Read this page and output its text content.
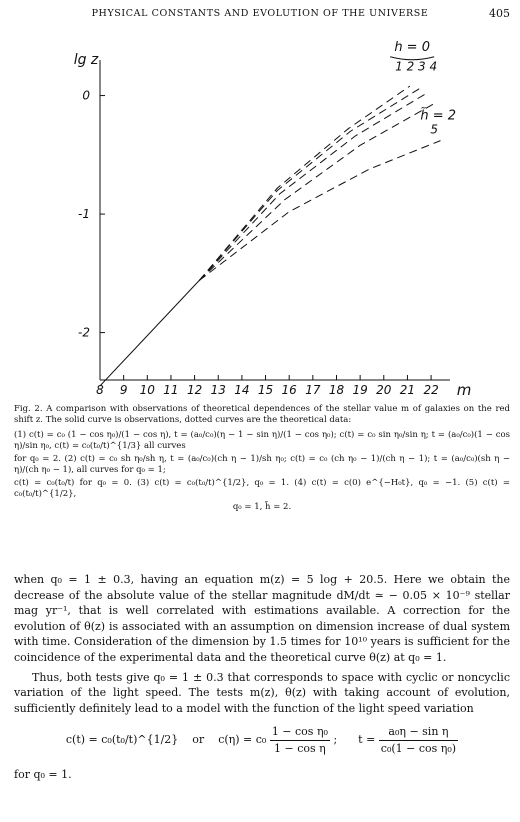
PHYSICAL CONSTANTS AND EVOLUTION OF THE UNIVERSE	405
8 9 10 11 12 13 14 15 16 17 18 19 20 21 22
0
-1
-2
lg z
m
h̃ = 0
1 2 3 4
h̃ = 2
5

Fig. 2. A comparison with observations of theoretical dependences of the stellar value m of galaxies on the red shift z. The solid curve is observations, dotted curves are the theoretical data:

(1) c(t) = c₀ (1 − cos η₀)/(1 − cos η), t = (a₀/c₀)(η − 1 − sin η)/(1 − cos η₀); c(t) = c₀ sin η₀/sin η; t = (a₀/c₀)(1 − cos η)/sin η₀, c(t) = c₀(t₀/t)^{1/3} all curves

for q₀ = 2. (2) c(t) = c₀ sh η₀/sh η, t = (a₀/c₀)(ch η − 1)/sh η₀; c(t) = c₀ (ch η₀ − 1)/(ch η − 1); t = (a₀/c₀)(sh η − η)/(ch η₀ − 1), all curves for q₀ = 1;

c(t) = c₀(t₀/t) for q₀ = 0. (3) c(t) = c₀(t₀/t)^{1/2}, q₀ = 1. (4) c(t) = c(0) e^{−H₀t}, q₀ = −1. (5) c(t) = c₀(t₀/t)^{1/2},

q₀ = 1, h̃ = 2.

when q₀ = 1 ± 0.3, having an equation m(z) = 5 log + 20.5. Here we obtain the decrease of the absolute value of the stellar magnitude dM/dt ≃ − 0.05 × 10⁻⁹ stellar mag yr⁻¹, that is well correlated with estimations available. A correction for the evolution of θ(z) is associated with an assumption on dimension increase of dual system with time. Consideration of the dimension by 1.5 times for 10¹⁰ years is sufficient for the coincidence of the experimental data and the theoretical curve θ(z) at q₀ = 1.

Thus, both tests give q₀ = 1 ± 0.3 that corresponds to space with cyclic or noncyclic variation of the light speed. The tests m(z), θ(z) with taking account of evolution, sufficiently definitely lead to a model with the function of the light speed variation

c(t) = c₀(t₀/t)^{1/2} or $c(\eta) = c_0 \frac{\text{1 − cos η₀}}{\text{1 − cos η}}$ ; $t = \frac{\text{a₀η − sin η}}{\text{c₀(1 − cos η₀)}}$

for q₀ = 1.
